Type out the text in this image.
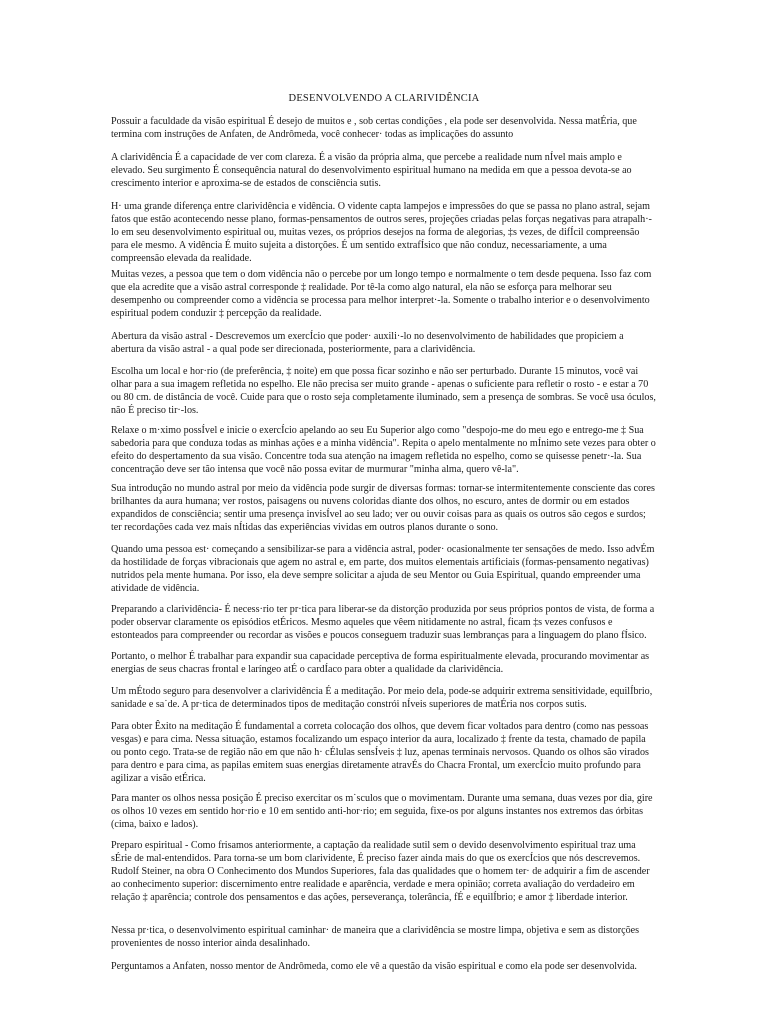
DESENVOLVENDO A CLARIVIDÊNCIA

Possuir a faculdade da visão espiritual É desejo de muitos e , sob certas condições , ela pode ser desenvolvida. Nessa matÉria, que termina com instruções de Anfaten, de Andrômeda, você conhecer· todas as implicações do assunto

A clarividência É a capacidade de ver com clareza. É a visão da própria alma, que percebe a realidade num nÍvel mais amplo e elevado. Seu surgimento É consequência natural do desenvolvimento espiritual humano na medida em que a pessoa devota-se ao crescimento interior e aproxima-se de estados de consciência sutis.

H· uma grande diferença entre clarividência e vidência. O vidente capta lampejos e impressões do que se passa no plano astral, sejam fatos que estão acontecendo nesse plano, formas-pensamentos de outros seres, projeções criadas pelas forças negativas para atrapalh·-lo em seu desenvolvimento espiritual ou, muitas vezes, os próprios desejos na forma de alegorias, ‡s vezes, de difÍcil compreensão para ele mesmo. A vidência É muito sujeita a distorções. É um sentido extrafÍsico que não conduz, necessariamente, a uma compreensão elevada da realidade.

Muitas vezes, a pessoa que tem o dom vidência não o percebe por um longo tempo e normalmente o tem desde pequena. Isso faz com que ela acredite que a visão astral corresponde ‡ realidade. Por tê-la como algo natural, ela não se esforça para melhorar seu desempenho ou compreender como a vidência se processa para melhor interpret·-la. Somente o trabalho interior e o desenvolvimento espiritual podem conduzir ‡ percepção da realidade.

Abertura da visão astral - Descrevemos um exercÍcio que poder· auxili·-lo no desenvolvimento de habilidades que propiciem a abertura da visão astral - a qual pode ser direcionada, posteriormente, para a clarividência.

Escolha um local e hor·rio (de preferência, ‡ noite) em que possa ficar sozinho e não ser perturbado. Durante 15 minutos, você vai olhar para a sua imagem refletida no espelho. Ele não precisa ser muito grande - apenas o suficiente para refletir o rosto - e estar a 70 ou 80 cm. de distância de você. Cuide para que o rosto seja completamente iluminado, sem a presença de sombras. Se você usa óculos, não É preciso tir·-los.

Relaxe o m·ximo possÍvel e inicie o exercÍcio apelando ao seu Eu Superior algo como "despojo-me do meu ego e entrego-me ‡ Sua sabedoria para que conduza todas as minhas ações e a minha vidência". Repita o apelo mentalmente no mÍnimo sete vezes para obter o efeito do despertamento da sua visão. Concentre toda sua atenção na imagem refletida no espelho, como se quisesse penetr·-la. Sua concentração deve ser tão intensa que você não possa evitar de murmurar "minha alma, quero vê-la".

Sua introdução no mundo astral por meio da vidência pode surgir de diversas formas: tornar-se intermitentemente consciente das cores brilhantes da aura humana; ver rostos, paisagens ou nuvens coloridas diante dos olhos, no escuro, antes de dormir ou em estados expandidos de consciência; sentir uma presença invisÍvel ao seu lado; ver ou ouvir coisas para as quais os outros são cegos e surdos; ter recordações cada vez mais nÍtidas das experiências vividas em outros planos durante o sono.

Quando uma pessoa est· começando a sensibilizar-se para a vidência astral, poder· ocasionalmente ter sensações de medo. Isso advÉm da hostilidade de forças vibracionais que agem no astral e, em parte, dos muitos elementais artificiais (formas-pensamento negativas) nutridos pela mente humana. Por isso, ela deve sempre solicitar a ajuda de seu Mentor ou Guia Espiritual, quando empreender uma atividade de vidência.

Preparando a clarividência- É necess·rio ter pr·tica para liberar-se da distorção produzida por seus próprios pontos de vista, de forma a poder observar claramente os episódios etÉricos. Mesmo aqueles que vêem nitidamente no astral, ficam ‡s vezes confusos e estonteados para compreender ou recordar as visões e poucos conseguem traduzir suas lembranças para a linguagem do plano fÍsico.

Portanto, o melhor É trabalhar para expandir sua capacidade perceptiva de forma espiritualmente elevada, procurando movimentar as energias de seus chacras frontal e laríngeo atÉ o cardÍaco para obter a qualidade da clarividência.

Um mÉtodo seguro para desenvolver a clarividência É a meditação. Por meio dela, pode-se adquirir extrema sensitividade, equilÍbrio, sanidade e sa˙de. A pr·tica de determinados tipos de meditação constrói nÍveis superiores de matÉria nos corpos sutis.

Para obter Êxito na meditação É fundamental a correta colocação dos olhos, que devem ficar voltados para dentro (como nas pessoas vesgas) e para cima. Nessa situação, estamos focalizando um espaço interior da aura, localizado ‡ frente da testa, chamado de papila ou ponto cego. Trata-se de região não em que não h· cÉlulas sensÍveis ‡ luz, apenas terminais nervosos. Quando os olhos são virados para dentro e para cima, as papilas emitem suas energias diretamente atravÉs do Chacra Frontal, um exercÍcio muito profundo para agilizar a visão etÉrica.

Para manter os olhos nessa posição É preciso exercitar os m˙sculos que o movimentam. Durante uma semana, duas vezes por dia, gire os olhos 10 vezes em sentido hor·rio e 10 em sentido anti-hor·rio; em seguida, fixe-os por alguns instantes nos extremos das órbitas (cima, baixo e lados).

Preparo espiritual - Como frisamos anteriormente, a captação da realidade sutil sem o devido desenvolvimento espiritual traz uma sÉrie de mal-entendidos. Para torna-se um bom clarividente, É preciso fazer ainda mais do que os exercÍcios que nós descrevemos. Rudolf Steiner, na obra O Conhecimento dos Mundos Superiores, fala das qualidades que o homem ter· de adquirir a fim de ascender ao conhecimento superior: discernimento entre realidade e aparência, verdade e mera opinião; correta avaliação do verdadeiro em relação ‡ aparência; controle dos pensamentos e das ações, perseverança, tolerância, fÉ e equilÍbrio; e amor ‡ liberdade interior.

Nessa pr·tica, o desenvolvimento espiritual caminhar· de maneira que a clarividência se mostre limpa, objetiva e sem as distorções provenientes de nosso interior ainda desalinhado.

Perguntamos a Anfaten, nosso mentor de Andrômeda, como ele vê a questão da visão espiritual e como ela pode ser desenvolvida.
